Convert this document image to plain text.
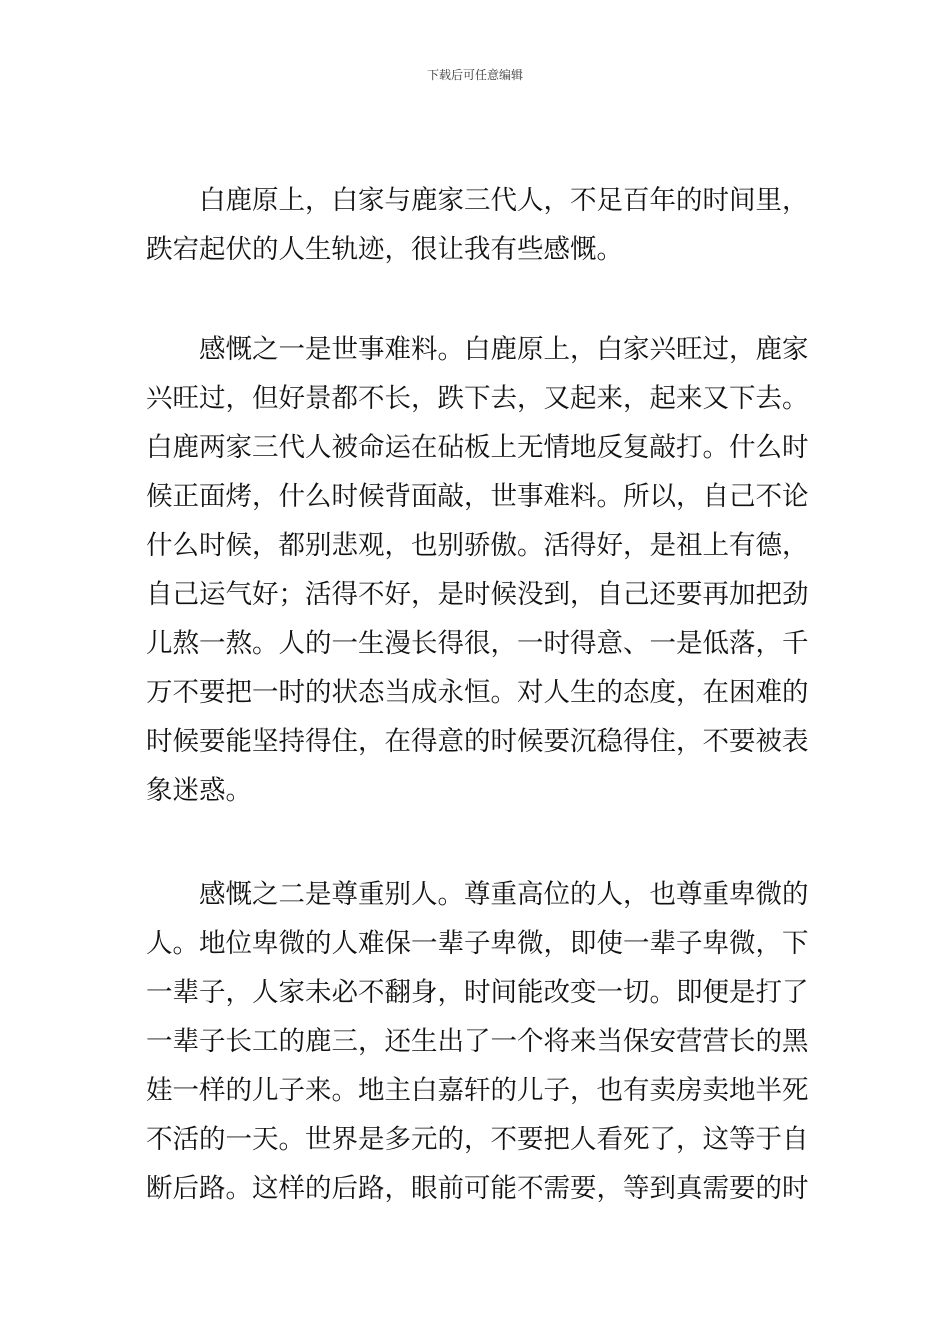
下载后可任意编辑
白鹿原上，白家与鹿家三代人，不足百年的时间里，
跌宕起伏的人生轨迹，很让我有些感慨。
感慨之一是世事难料。白鹿原上，白家兴旺过，鹿家
兴旺过，但好景都不长，跌下去，又起来，起来又下去。
白鹿两家三代人被命运在砧板上无情地反复敲打。什么时
候正面烤，什么时候背面敲，世事难料。所以，自己不论
什么时候，都别悲观，也别骄傲。活得好，是祖上有德，
自己运气好；活得不好，是时候没到，自己还要再加把劲
儿熬一熬。人的一生漫长得很，一时得意、一是低落，千
万不要把一时的状态当成永恒。对人生的态度，在困难的
时候要能坚持得住，在得意的时候要沉稳得住，不要被表
象迷惑。
感慨之二是尊重别人。尊重高位的人，也尊重卑微的
人。地位卑微的人难保一辈子卑微，即使一辈子卑微，下
一辈子，人家未必不翻身，时间能改变一切。即便是打了
一辈子长工的鹿三，还生出了一个将来当保安营营长的黑
娃一样的儿子来。地主白嘉轩的儿子，也有卖房卖地半死
不活的一天。世界是多元的，不要把人看死了，这等于自
断后路。这样的后路，眼前可能不需要，等到真需要的时
